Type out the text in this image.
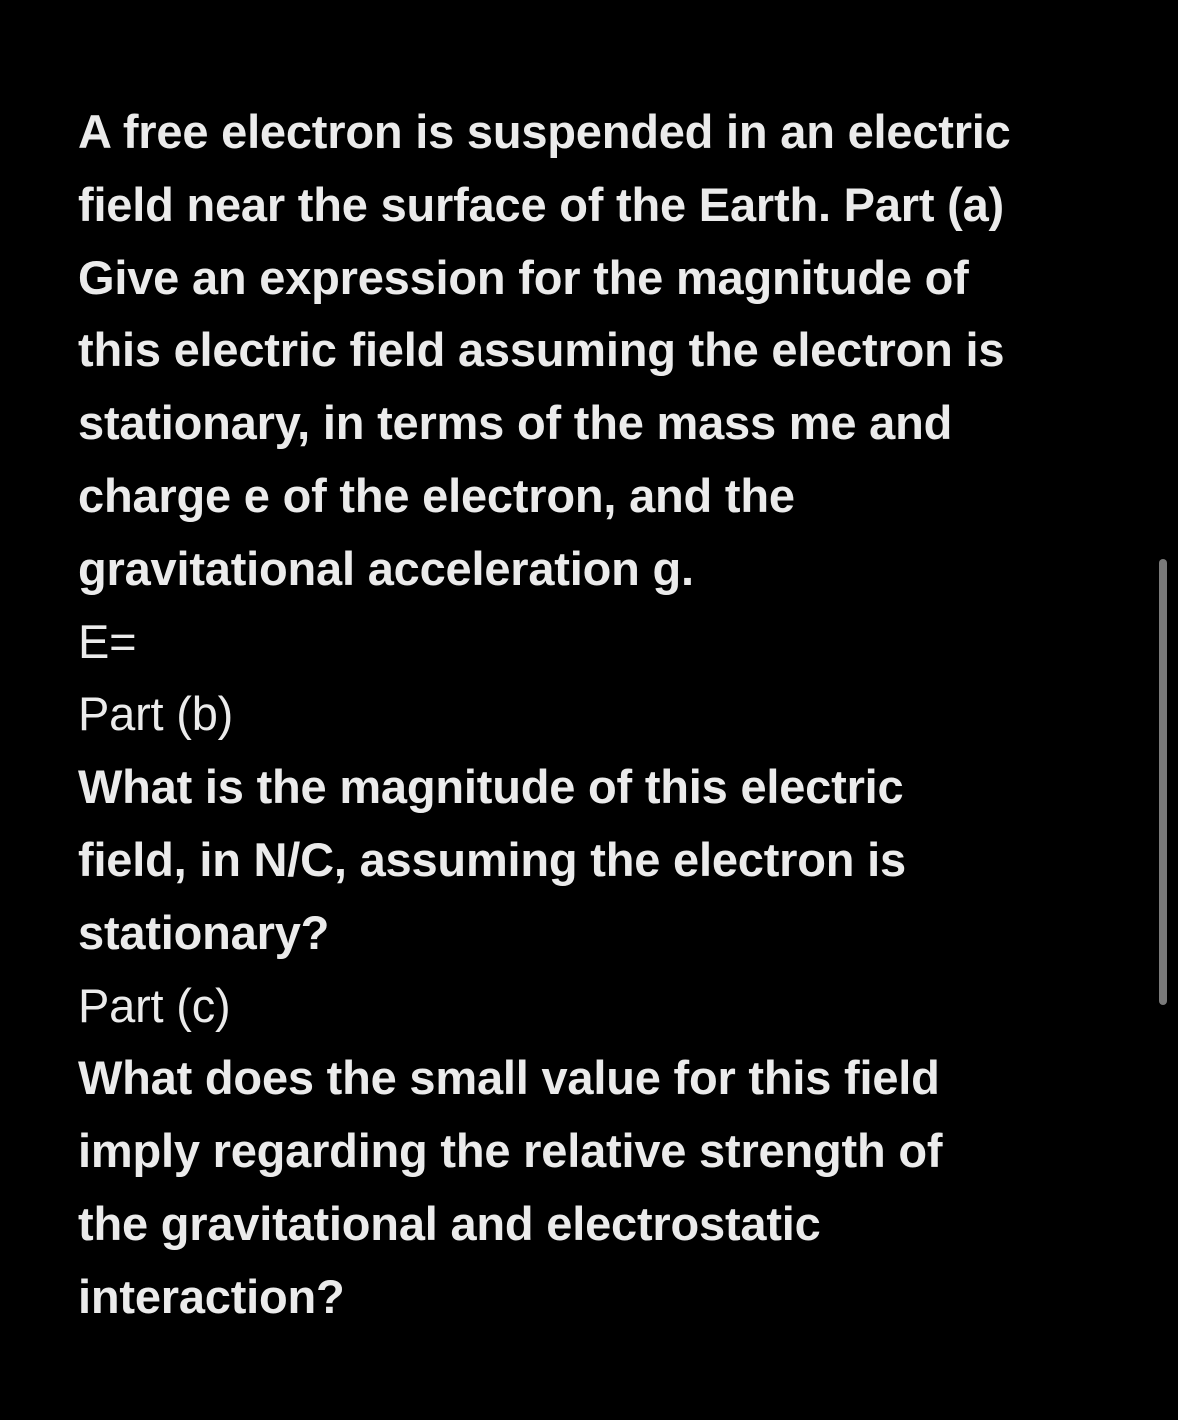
A free electron is suspended in an electric
field near the surface of the Earth. Part (a)
Give an expression for the magnitude of
this electric field assuming the electron is
stationary, in terms of the mass me and
charge e of the electron, and the
gravitational acceleration g.
E=
Part (b)
What is the magnitude of this electric
field, in N/C, assuming the electron is
stationary?
Part (c)
What does the small value for this field
imply regarding the relative strength of
the gravitational and electrostatic
interaction?
